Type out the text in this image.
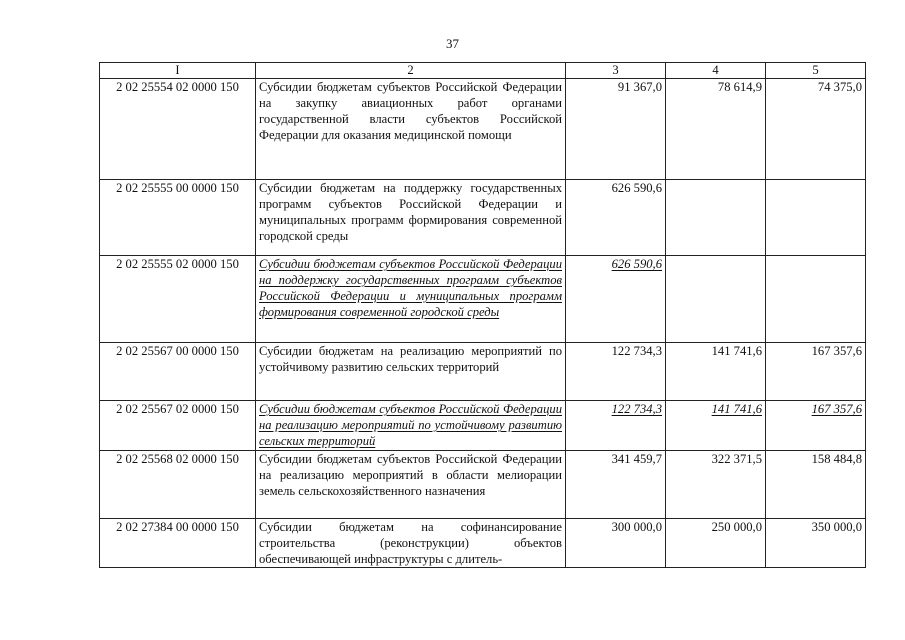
37
I	2	3	4	5
2 02 25554 02 0000 150	Субсидии бюджетам субъектов Российской Федерации на закупку авиационных работ органами государственной власти субъектов Российской Федерации для оказания медицинской помощи	91 367,0	78 614,9	74 375,0
2 02 25555 00 0000 150	Субсидии бюджетам на поддержку государственных программ субъектов Российской Федерации и муниципальных программ формирования современной городской среды	626 590,6		
2 02 25555 02 0000 150	Субсидии бюджетам субъектов Российской Федерации на поддержку государственных программ субъектов Российской Федерации и муниципальных программ формирования современной городской среды	626 590,6		
2 02 25567 00 0000 150	Субсидии бюджетам на реализацию мероприятий по устойчивому развитию сельских территорий	122 734,3	141 741,6	167 357,6
2 02 25567 02 0000 150	Субсидии бюджетам субъектов Российской Федерации на реализацию мероприятий по устойчивому развитию сельских территорий	122 734,3	141 741,6	167 357,6
2 02 25568 02 0000 150	Субсидии бюджетам субъектов Российской Федерации на реализацию мероприятий в области мелиорации земель сельскохозяйственного назначения	341 459,7	322 371,5	158 484,8
2 02 27384 00 0000 150	Субсидии бюджетам на софинансирование строительства (реконструкции) объектов обеспечивающей инфраструктуры с длитель-	300 000,0	250 000,0	350 000,0
